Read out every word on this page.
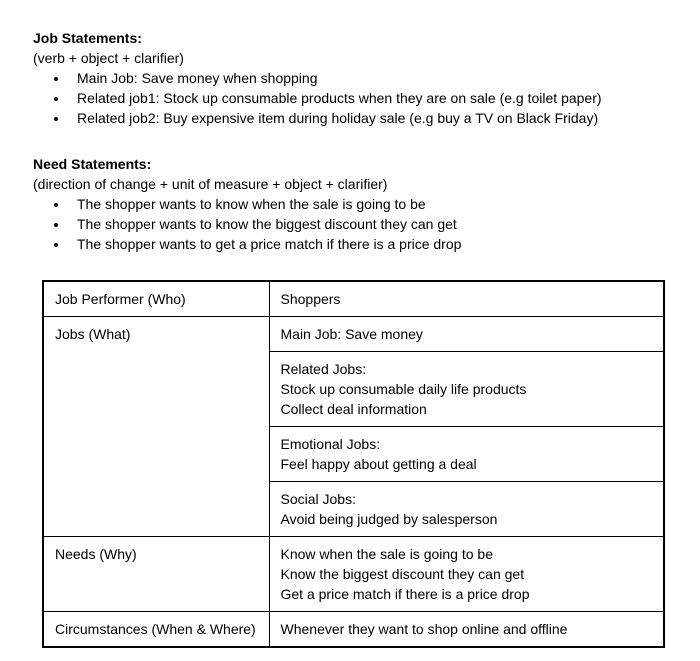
Job Statements:
(verb + object + clarifier)
• Main Job: Save money when shopping
• Related job1: Stock up consumable products when they are on sale (e.g toilet paper)
• Related job2: Buy expensive item during holiday sale (e.g buy a TV on Black Friday)
Need Statements:
(direction of change + unit of measure + object + clarifier)
• The shopper wants to know when the sale is going to be
• The shopper wants to know the biggest discount they can get
• The shopper wants to get a price match if there is a price drop
Job Performer (Who)	Shoppers
Jobs (What)	Main Job: Save money

	Related Jobs:
Stock up consumable daily life products
Collect deal information

	Emotional Jobs:
Feel happy about getting a deal

	Social Jobs:
Avoid being judged by salesperson

Needs (Why)	Know when the sale is going to be
Know the biggest discount they can get
Get a price match if there is a price drop

Circumstances (When & Where)	Whenever they want to shop online and offline
